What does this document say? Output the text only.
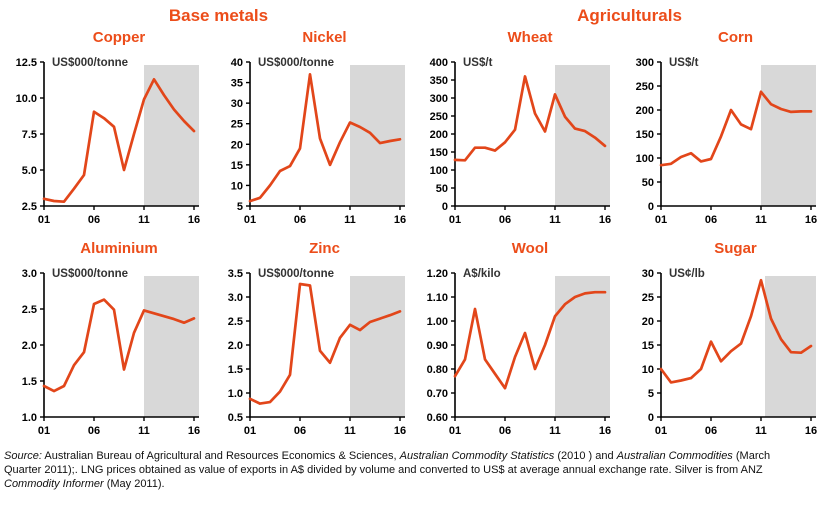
Base metals	Agriculturals
Copper
2.5
5.0
7.5
10.0
12.5
01	06	11	16
US$000/tonne
Nickel
5
10
15
20
25
30
35
40
01	06	11	16
US$000/tonne
Wheat
0
50
100
150
200
250
300
350
400
01	06	11	16
US$/t
Corn
0
50
100
150
200
250
300
01	06	11	16
US$/t
Aluminium
1.0
1.5
2.0
2.5
3.0
01	06	11	16
US$000/tonne
Zinc
0.5
1.0
1.5
2.0
2.5
3.0
3.5
01	06	11	16
US$000/tonne
Wool
0.60
0.70
0.80
0.90
1.00
1.10
1.20
01	06	11	16
A$/kilo
Sugar
0
5
10
15
20
25
30
01	06	11	16
US¢/lb

Source: Australian Bureau of Agricultural and Resources Economics & Sciences, Australian Commodity Statistics (2010 ) and Australian Commodities (March
Quarter 2011);. LNG prices obtained as value of exports in A$ divided by volume and converted to US$ at average annual exchange rate. Silver is from ANZ
Commodity Informer (May 2011).
